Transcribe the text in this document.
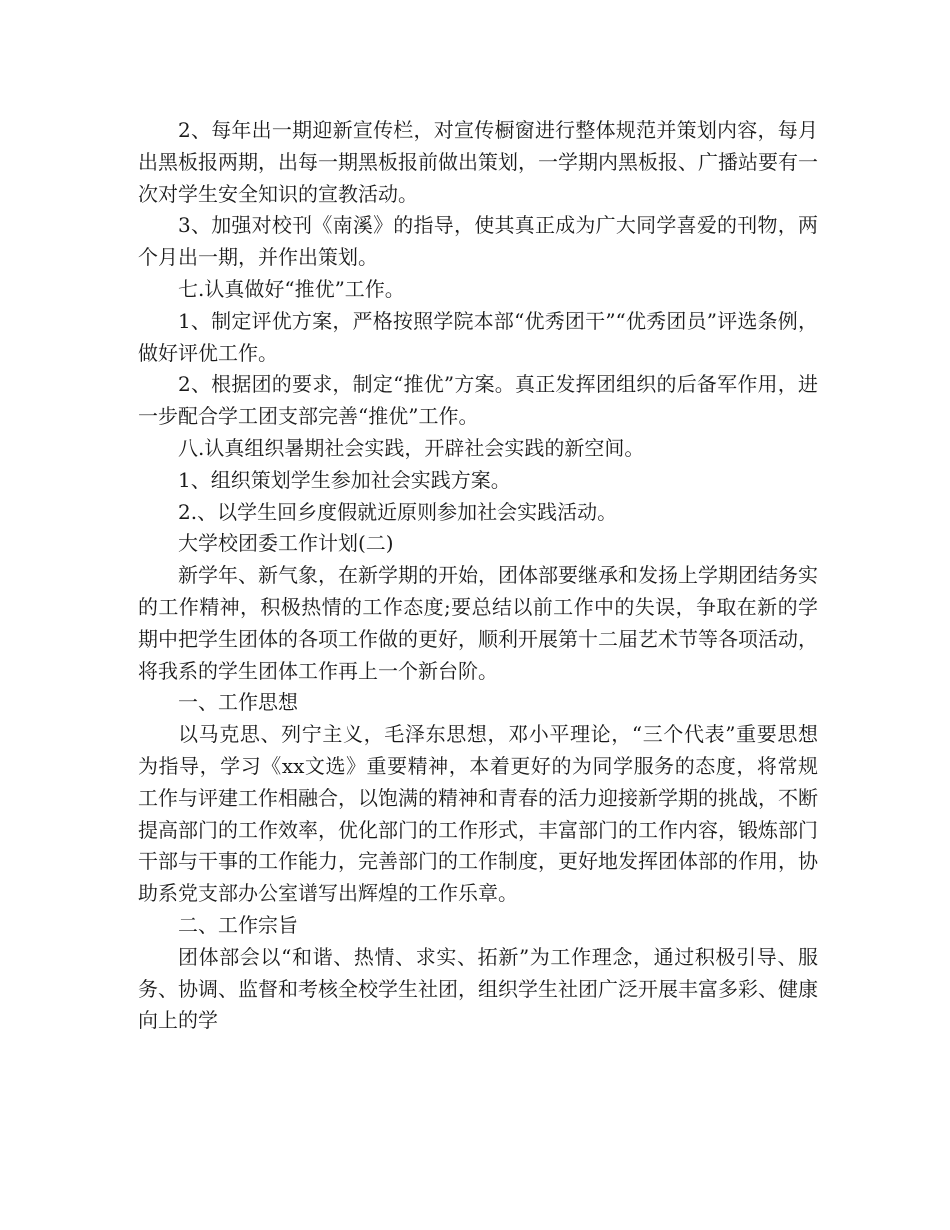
2、每年出一期迎新宣传栏，对宣传橱窗进行整体规范并策划内容，每月出黑板报两期，出每一期黑板报前做出策划，一学期内黑板报、广播站要有一次对学生安全知识的宣教活动。

3、加强对校刊《南溪》的指导，使其真正成为广大同学喜爱的刊物，两个月出一期，并作出策划。

七.认真做好“推优”工作。

1、制定评优方案，严格按照学院本部“优秀团干”“优秀团员”评选条例，做好评优工作。

2、根据团的要求，制定“推优”方案。真正发挥团组织的后备军作用，进一步配合学工团支部完善“推优”工作。

八.认真组织暑期社会实践，开辟社会实践的新空间。

1、组织策划学生参加社会实践方案。

2.、以学生回乡度假就近原则参加社会实践活动。

大学校团委工作计划(二)

新学年、新气象，在新学期的开始，团体部要继承和发扬上学期团结务实的工作精神，积极热情的工作态度;要总结以前工作中的失误，争取在新的学期中把学生团体的各项工作做的更好，顺利开展第十二届艺术节等各项活动，将我系的学生团体工作再上一个新台阶。

一、工作思想

以马克思、列宁主义，毛泽东思想，邓小平理论，“三个代表”重要思想为指导，学习《xx文选》重要精神，本着更好的为同学服务的态度，将常规工作与评建工作相融合，以饱满的精神和青春的活力迎接新学期的挑战，不断提高部门的工作效率，优化部门的工作形式，丰富部门的工作内容，锻炼部门干部与干事的工作能力，完善部门的工作制度，更好地发挥团体部的作用，协助系党支部办公室谱写出辉煌的工作乐章。

二、工作宗旨

团体部会以“和谐、热情、求实、拓新”为工作理念，通过积极引导、服务、协调、监督和考核全校学生社团，组织学生社团广泛开展丰富多彩、健康向上的学
